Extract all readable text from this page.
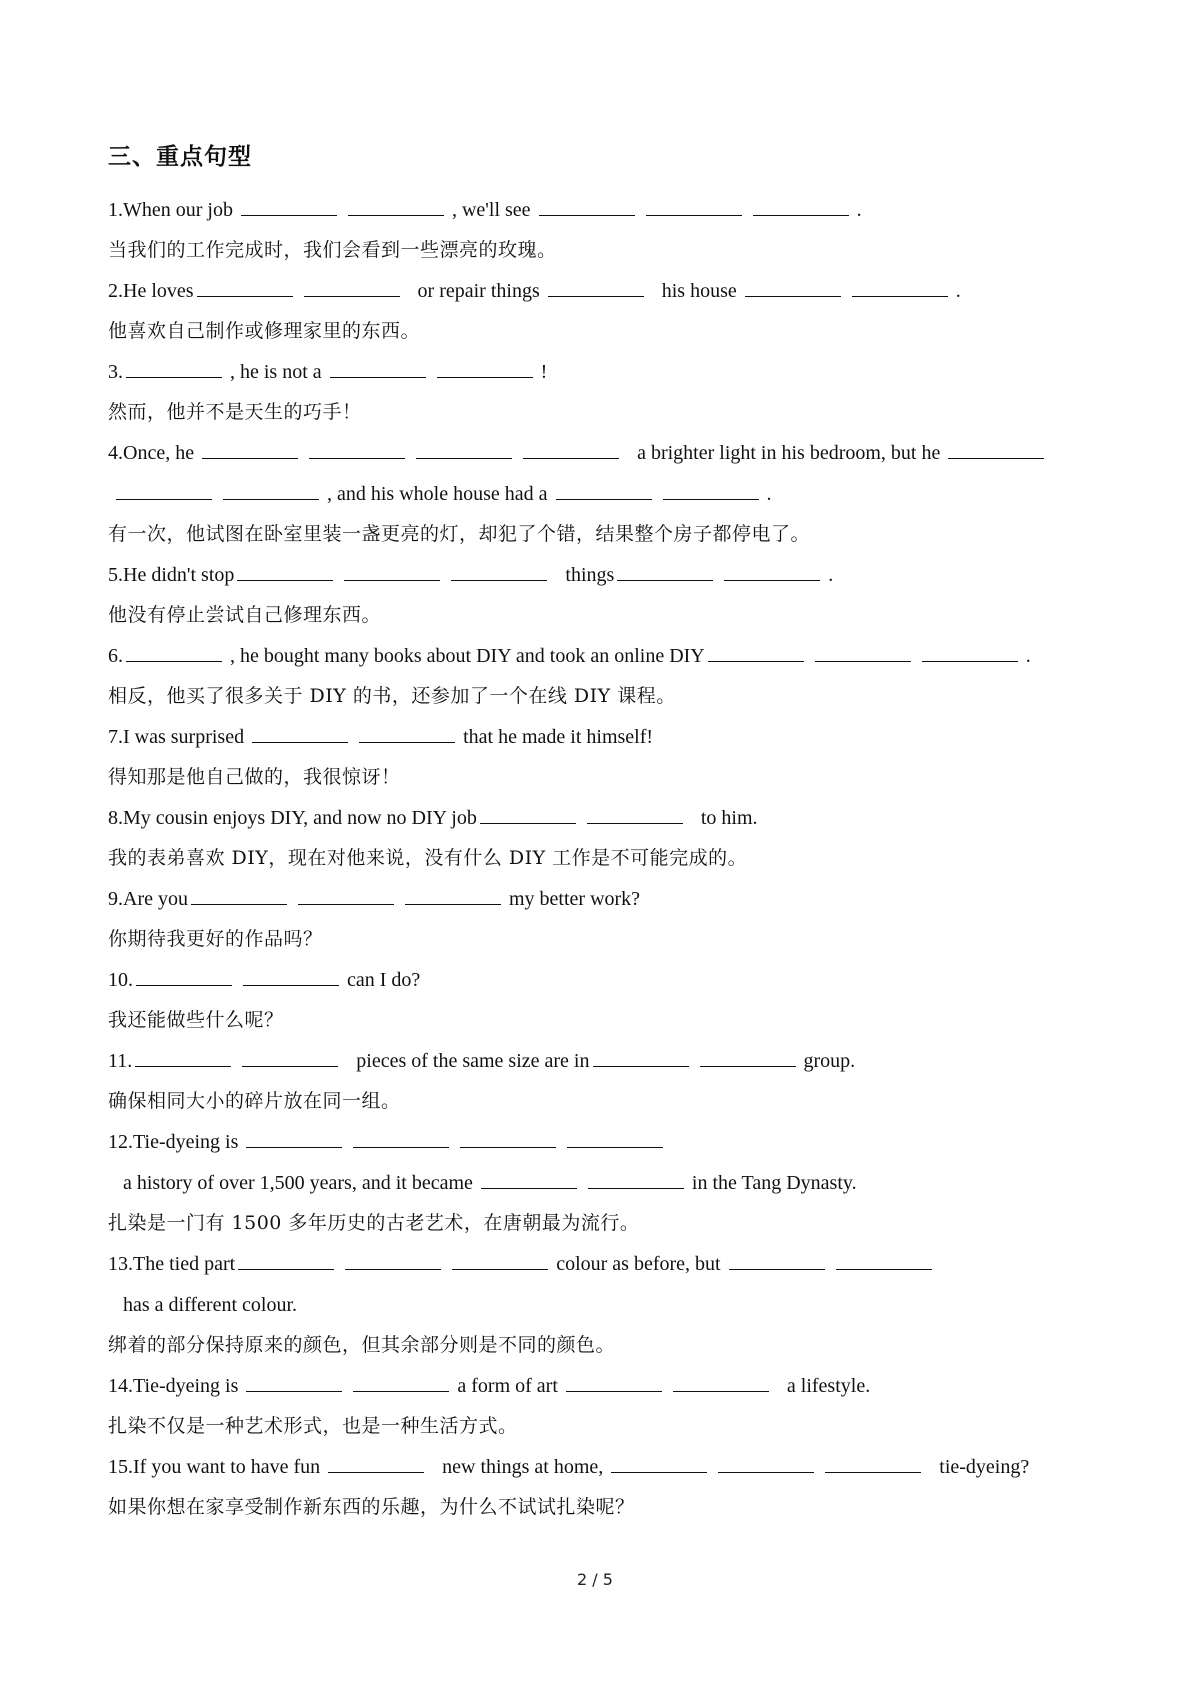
三、重点句型
1.When our job	, we'll see	.
当我们的工作完成时，我们会看到一些漂亮的玫瑰。
2.He loves	or repair things	his house	.
他喜欢自己制作或修理家里的东西。
3.	, he is not a	!
然而，他并不是天生的巧手！
4.Once, he	a brighter light in his bedroom, but he    , and his whole house had a	.
有一次，他试图在卧室里装一盏更亮的灯，却犯了个错，结果整个房子都停电了。
5.He didn't stop	things	.
他没有停止尝试自己修理东西。
6.	, he bought many books about DIY and took an online DIY	.
相反，他买了很多关于 DIY 的书，还参加了一个在线 DIY 课程。
7.I was surprised	that he made it himself!
得知那是他自己做的，我很惊讶！
8.My cousin enjoys DIY, and now no DIY job	to him.
我的表弟喜欢 DIY，现在对他来说，没有什么 DIY 工作是不可能完成的。
9.Are you	my better work?
你期待我更好的作品吗？
10.	can I do?
我还能做些什么呢？
11.	pieces of the same size are in	group.
确保相同大小的碎片放在同一组。
12.Tie-dyeing is       a history of over 1,500 years, and it became	in the Tang Dynasty.
扎染是一门有 1500 多年历史的古老艺术，在唐朝最为流行。
13.The tied part	colour as before, but     has a different colour.
绑着的部分保持原来的颜色，但其余部分则是不同的颜色。
14.Tie-dyeing is	a form of art	a lifestyle.
扎染不仅是一种艺术形式，也是一种生活方式。
15.If you want to have fun	new things at home,	tie-dyeing?
如果你想在家享受制作新东西的乐趣，为什么不试试扎染呢？
2 / 5
